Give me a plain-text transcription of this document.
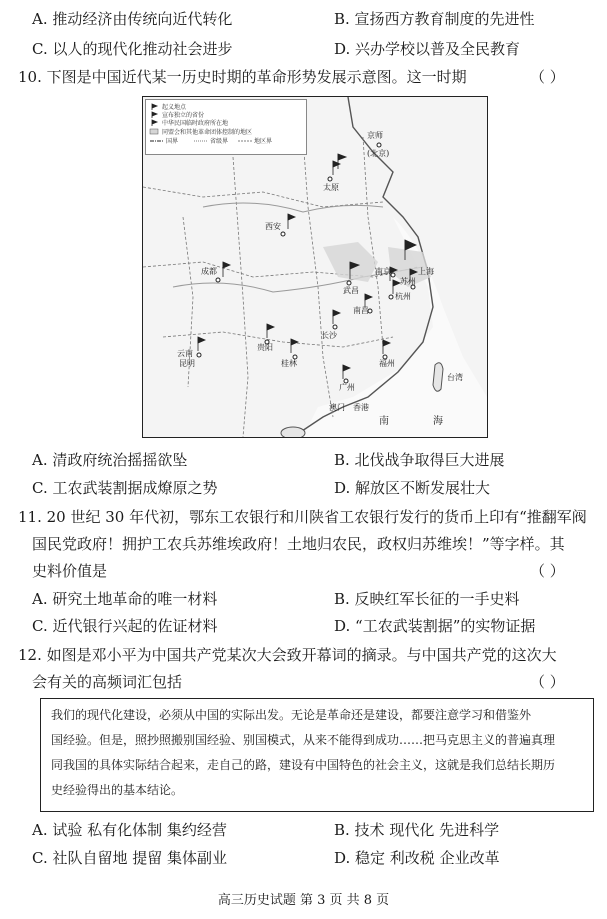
A. 推动经济由传统向近代转化	B. 宣扬西方教育制度的先进性
C. 以人的现代化推动社会进步	D. 兴办学校以普及全民教育
10. 下图是中国近代某一历史时期的革命形势发展示意图。这一时期	（ ）
起义地点
宣布独立的省份
中华民国临时政府所在地
同盟会和其他革命团体控制的地区
国界	省级界	地区界
京师
(北京)
太原
西安
成都
武昌
南京
苏州
上海
杭州
南昌
长沙
贵阳
桂林	福州
云南
昆明
广州
澳门 香港
台湾
南	海
A. 清政府统治摇摇欲坠	B. 北伐战争取得巨大进展
C. 工农武装割据成燎原之势	D. 解放区不断发展壮大
11. 20 世纪 30 年代初，鄂东工农银行和川陕省工农银行发行的货币上印有“推翻军阀
国民党政府！拥护工农兵苏维埃政府！土地归农民，政权归苏维埃！”等字样。其
史料价值是	（ ）
A. 研究土地革命的唯一材料	B. 反映红军长征的一手史料
C. 近代银行兴起的佐证材料	D. “工农武装割据”的实物证据
12. 如图是邓小平为中国共产党某次大会致开幕词的摘录。与中国共产党的这次大
会有关的高频词汇包括	（ ）
我们的现代化建设，必须从中国的实际出发。无论是革命还是建设，都要注意学习和借鉴外
国经验。但是，照抄照搬别国经验、别国模式，从来不能得到成功……把马克思主义的普遍真理
同我国的具体实际结合起来，走自己的路，建设有中国特色的社会主义，这就是我们总结长期历
史经验得出的基本结论。
A. 试验 私有化体制 集约经营	B. 技术 现代化 先进科学
C. 社队自留地 提留 集体副业	D. 稳定 利改税 企业改革
高三历史试题 第 3 页 共 8 页
